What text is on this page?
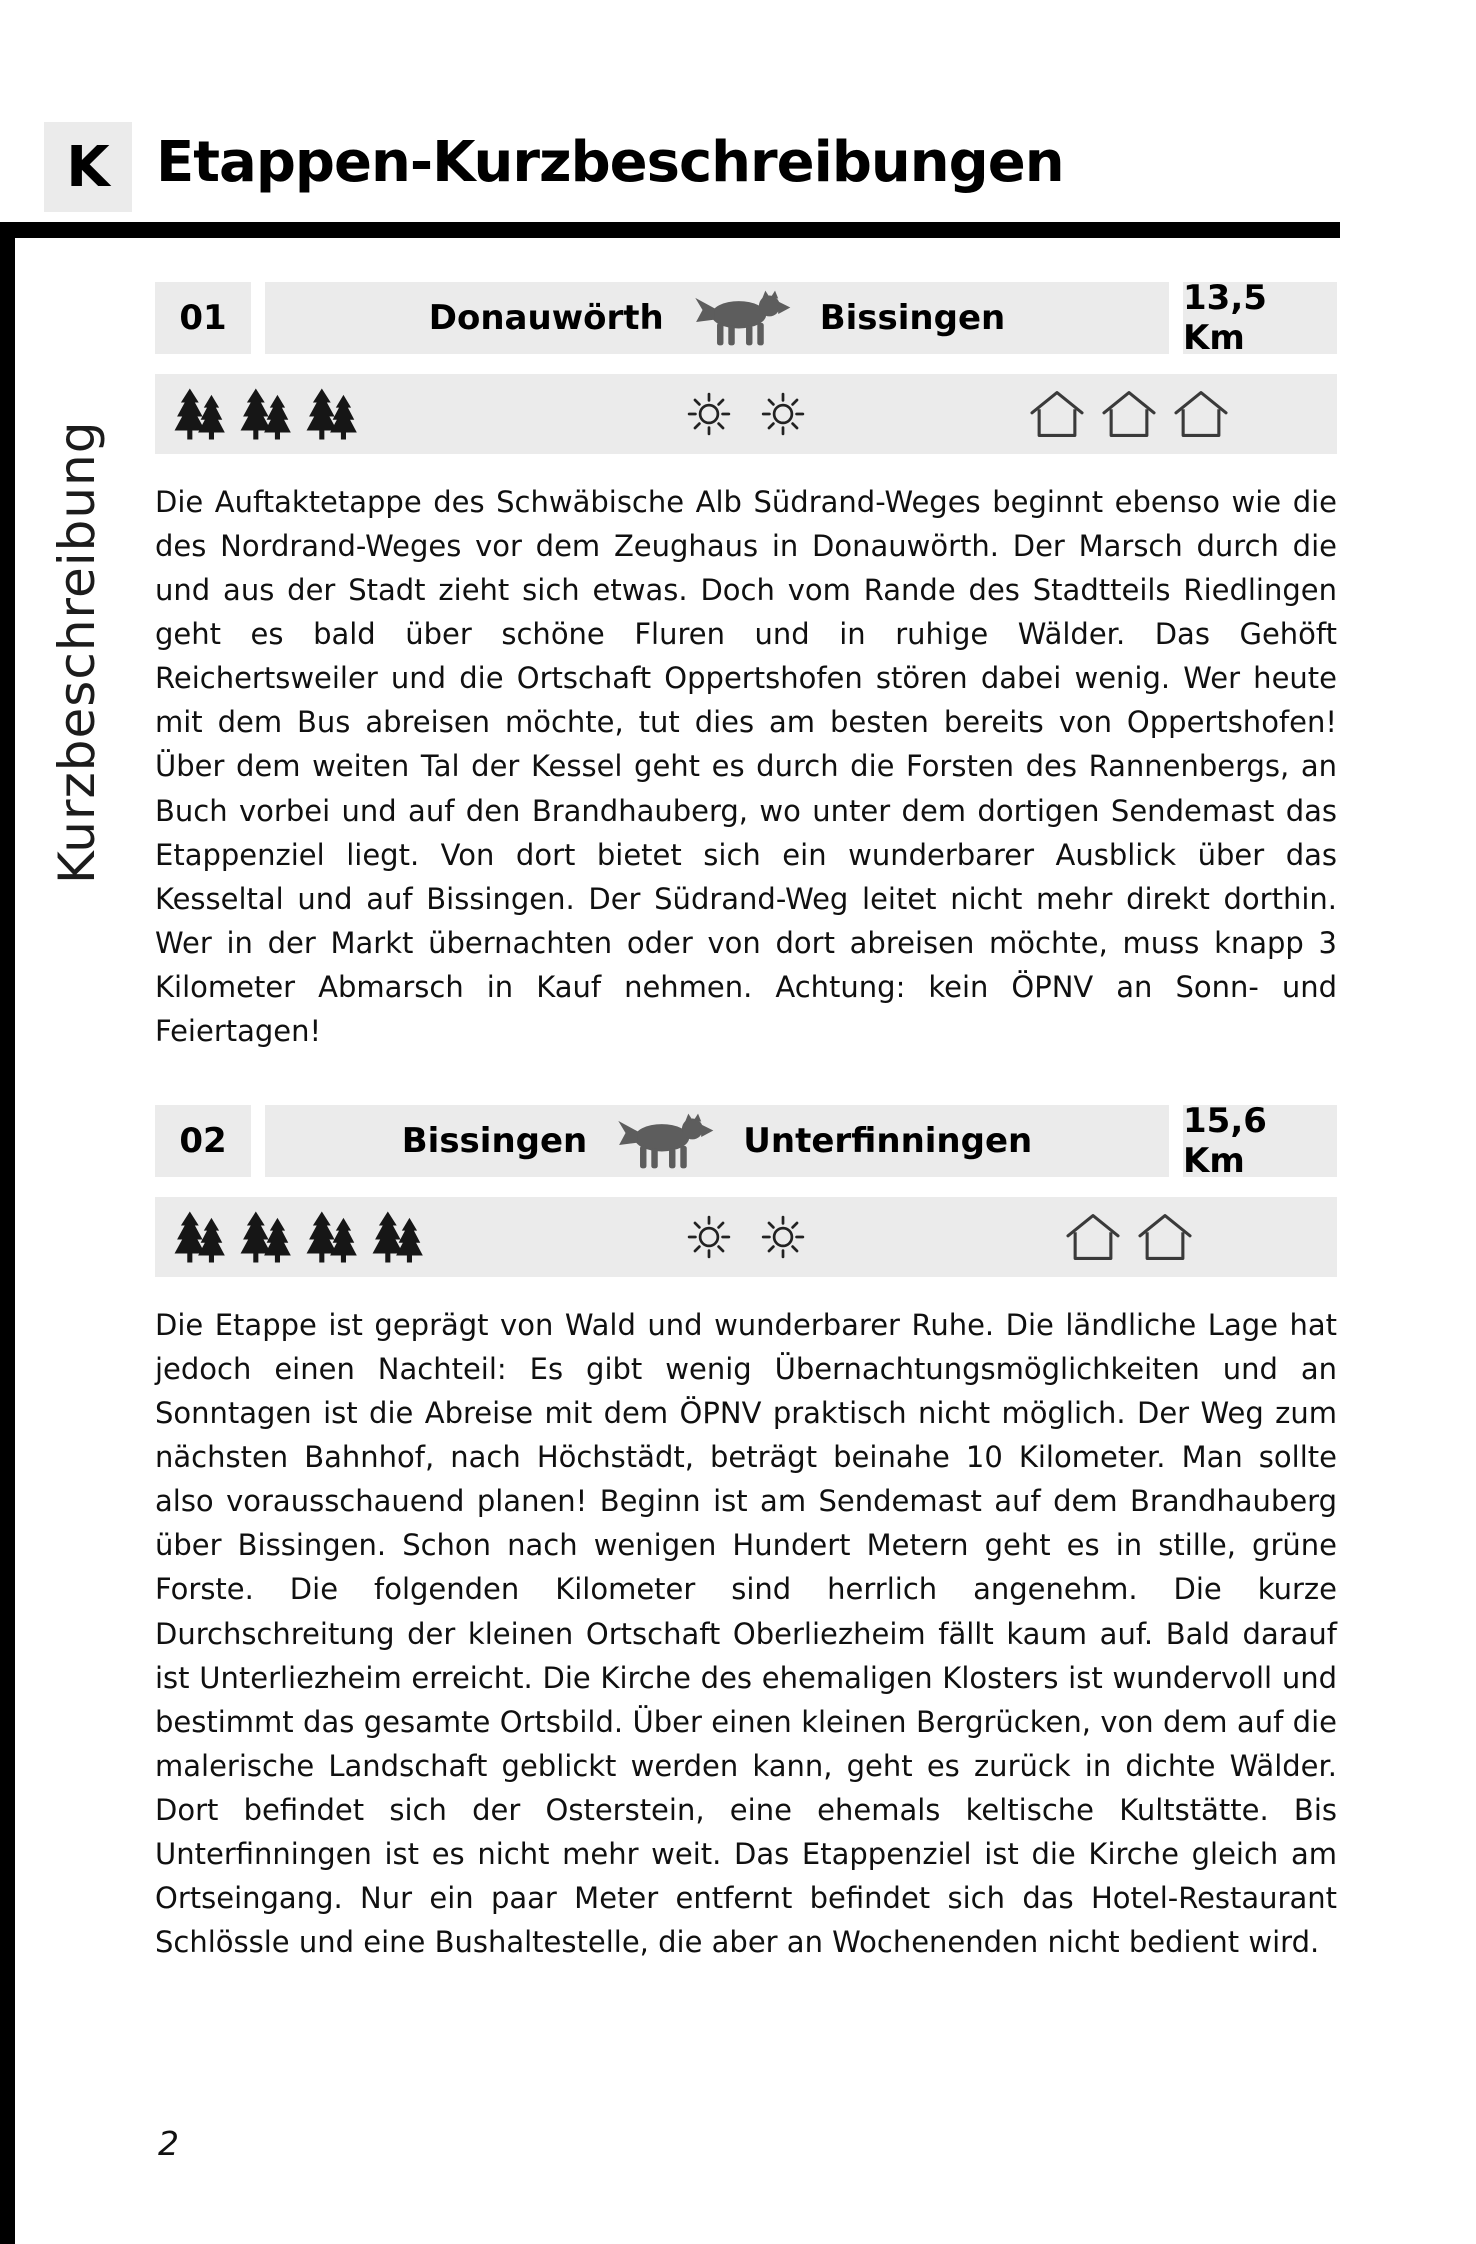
K Etappen-Kurzbeschreibungen
Kurzbeschreibung
01	Donauwörth	Bissingen	13,5 Km

Die Auftaktetappe des Schwäbische Alb Südrand-Weges beginnt ebenso wie die des Nordrand-Weges vor dem Zeughaus in Donauwörth. Der Marsch durch die und aus der Stadt zieht sich etwas. Doch vom Rande des Stadtteils Riedlingen geht es bald über schöne Fluren und in ruhige Wälder. Das Gehöft Reichertsweiler und die Ortschaft Oppertshofen stören dabei wenig. Wer heute mit dem Bus abreisen möchte, tut dies am besten bereits von Oppertshofen! Über dem weiten Tal der Kessel geht es durch die Forsten des Rannenbergs, an Buch vorbei und auf den Brandhauberg, wo unter dem dortigen Sendemast das Etappenziel liegt. Von dort bietet sich ein wunderbarer Ausblick über das Kesseltal und auf Bissingen. Der Südrand-Weg leitet nicht mehr direkt dorthin. Wer in der Markt übernachten oder von dort abreisen möchte, muss knapp 3 Kilometer Abmarsch in Kauf nehmen. Achtung: kein ÖPNV an Sonn- und Feiertagen!

02	Bissingen	Unterfinningen	15,6 Km

Die Etappe ist geprägt von Wald und wunderbarer Ruhe. Die ländliche Lage hat jedoch einen Nachteil: Es gibt wenig Übernachtungsmöglichkeiten und an Sonntagen ist die Abreise mit dem ÖPNV praktisch nicht möglich. Der Weg zum nächsten Bahnhof, nach Höchstädt, beträgt beinahe 10 Kilometer. Man sollte also vorausschauend planen! Beginn ist am Sendemast auf dem Brandhauberg über Bissingen. Schon nach wenigen Hundert Metern geht es in stille, grüne Forste. Die folgenden Kilometer sind herrlich angenehm. Die kurze Durchschreitung der kleinen Ortschaft Oberliezheim fällt kaum auf. Bald darauf ist Unterliezheim erreicht. Die Kirche des ehemaligen Klosters ist wundervoll und bestimmt das gesamte Ortsbild. Über einen kleinen Bergrücken, von dem auf die malerische Landschaft geblickt werden kann, geht es zurück in dichte Wälder. Dort befindet sich der Osterstein, eine ehemals keltische Kultstätte. Bis Unterfinningen ist es nicht mehr weit. Das Etappenziel ist die Kirche gleich am Ortseingang. Nur ein paar Meter entfernt befindet sich das Hotel-Restaurant Schlössle und eine Bushaltestelle, die aber an Wochenenden nicht bedient wird.

2
